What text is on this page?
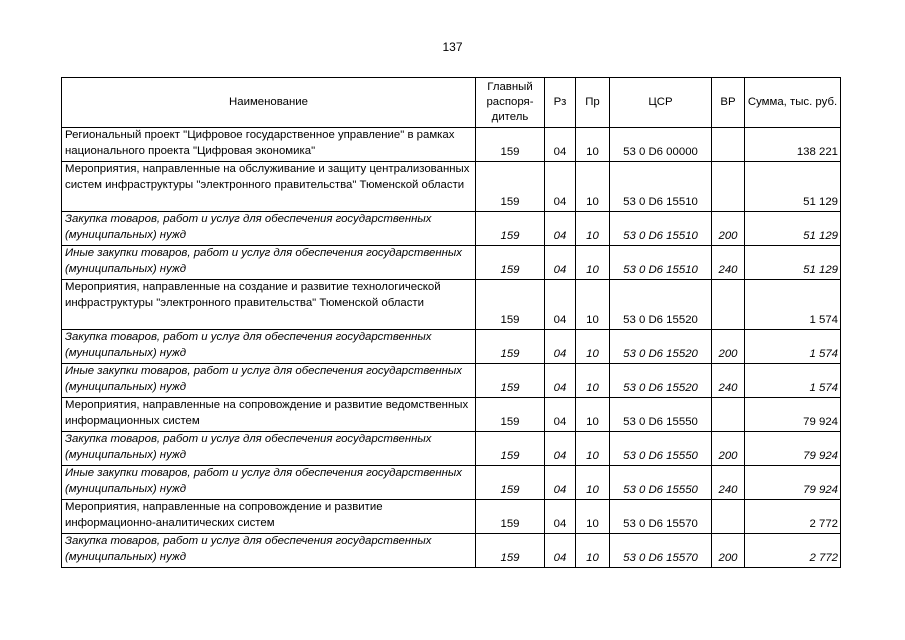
137
Наименование	Главный распоря-дитель	Рз	Пр	ЦСР	ВР	Сумма, тыс. руб.
Региональный проект "Цифровое государственное управление" в рамках национального проекта "Цифровая экономика"	159	04	10	53 0 D6 00000		138 221
Мероприятия, направленные на обслуживание и защиту централизованных систем инфраструктуры "электронного правительства" Тюменской области	159	04	10	53 0 D6 15510		51 129
Закупка товаров, работ и услуг для обеспечения государственных (муниципальных) нужд	159	04	10	53 0 D6 15510	200	51 129
Иные закупки товаров, работ и услуг для обеспечения государственных (муниципальных) нужд	159	04	10	53 0 D6 15510	240	51 129
Мероприятия, направленные на создание и развитие технологической инфраструктуры "электронного правительства" Тюменской области	159	04	10	53 0 D6 15520		1 574
Закупка товаров, работ и услуг для обеспечения государственных (муниципальных) нужд	159	04	10	53 0 D6 15520	200	1 574
Иные закупки товаров, работ и услуг для обеспечения государственных (муниципальных) нужд	159	04	10	53 0 D6 15520	240	1 574
Мероприятия, направленные на сопровождение и развитие ведомственных информационных систем	159	04	10	53 0 D6 15550		79 924
Закупка товаров, работ и услуг для обеспечения государственных (муниципальных) нужд	159	04	10	53 0 D6 15550	200	79 924
Иные закупки товаров, работ и услуг для обеспечения государственных (муниципальных) нужд	159	04	10	53 0 D6 15550	240	79 924
Мероприятия, направленные на сопровождение и развитие информационно-аналитических систем	159	04	10	53 0 D6 15570		2 772
Закупка товаров, работ и услуг для обеспечения государственных (муниципальных) нужд	159	04	10	53 0 D6 15570	200	2 772
